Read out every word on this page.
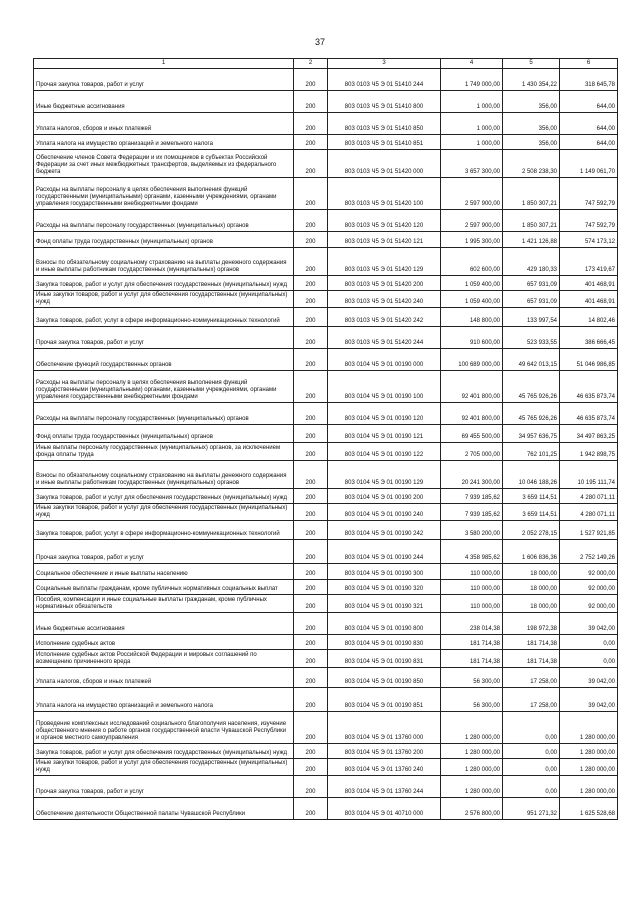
37
1	2	3	4	5	6
Прочая закупка товаров, работ и услуг	200	803 0103 Ч5 Э 01 51410 244	1 749 000,00	1 430 354,22	318 645,78
Иные бюджетные ассигнования	200	803 0103 Ч5 Э 01 51410 800	1 000,00	356,00	644,00
Уплата налогов, сборов и иных платежей	200	803 0103 Ч5 Э 01 51410 850	1 000,00	356,00	644,00
Уплата налога на имущество организаций и земельного налога	200	803 0103 Ч5 Э 01 51410 851	1 000,00	356,00	644,00
Обеспечение членов Совета Федерации и их помощников в субъектах Российской Федерации за счет иных межбюджетных трансфертов, выделяемых из федерального бюджета	200	803 0103 Ч5 Э 01 51420 000	3 657 300,00	2 508 238,30	1 149 061,70
Расходы на выплаты персоналу в целях обеспечения выполнения функций государственными (муниципальными) органами, казенными учреждениями, органами управления государственными внебюджетными фондами	200	803 0103 Ч5 Э 01 51420 100	2 597 900,00	1 850 307,21	747 592,79
Расходы на выплаты персоналу государственных (муниципальных) органов	200	803 0103 Ч5 Э 01 51420 120	2 597 900,00	1 850 307,21	747 592,79
Фонд оплаты труда государственных (муниципальных) органов	200	803 0103 Ч5 Э 01 51420 121	1 995 300,00	1 421 126,88	574 173,12
Взносы по обязательному социальному страхованию на выплаты денежного содержания и иные выплаты работникам государственных (муниципальных) органов	200	803 0103 Ч5 Э 01 51420 129	602 600,00	429 180,33	173 419,67
Закупка товаров, работ и услуг для обеспечения государственных (муниципальных) нужд	200	803 0103 Ч5 Э 01 51420 200	1 059 400,00	657 931,09	401 468,91
Иные закупки товаров, работ и услуг для обеспечения государственных (муниципальных) нужд	200	803 0103 Ч5 Э 01 51420 240	1 059 400,00	657 931,09	401 468,91
Закупка товаров, работ, услуг в сфере информационно-коммуникационных технологий	200	803 0103 Ч5 Э 01 51420 242	148 800,00	133 997,54	14 802,46
Прочая закупка товаров, работ и услуг	200	803 0103 Ч5 Э 01 51420 244	910 600,00	523 933,55	386 666,45
Обеспечение функций государственных органов	200	803 0104 Ч5 Э 01 00190 000	100 689 000,00	49 642 013,15	51 046 986,85
Расходы на выплаты персоналу в целях обеспечения выполнения функций государственными (муниципальными) органами, казенными учреждениями, органами управления государственными внебюджетными фондами	200	803 0104 Ч5 Э 01 00190 100	92 401 800,00	45 765 926,26	46 635 873,74
Расходы на выплаты персоналу государственных (муниципальных) органов	200	803 0104 Ч5 Э 01 00190 120	92 401 800,00	45 765 926,26	46 635 873,74
Фонд оплаты труда государственных (муниципальных) органов	200	803 0104 Ч5 Э 01 00190 121	69 455 500,00	34 957 636,75	34 497 863,25
Иные выплаты персоналу государственных (муниципальных) органов, за исключением фонда оплаты труда	200	803 0104 Ч5 Э 01 00190 122	2 705 000,00	762 101,25	1 942 898,75
Взносы по обязательному социальному страхованию на выплаты денежного содержания и иные выплаты работникам государственных (муниципальных) органов	200	803 0104 Ч5 Э 01 00190 129	20 241 300,00	10 046 188,26	10 195 111,74
Закупка товаров, работ и услуг для обеспечения государственных (муниципальных) нужд	200	803 0104 Ч5 Э 01 00190 200	7 939 185,62	3 659 114,51	4 280 071,11
Иные закупки товаров, работ и услуг для обеспечения государственных (муниципальных) нужд	200	803 0104 Ч5 Э 01 00190 240	7 939 185,62	3 659 114,51	4 280 071,11
Закупка товаров, работ, услуг в сфере информационно-коммуникационных технологий	200	803 0104 Ч5 Э 01 00190 242	3 580 200,00	2 052 278,15	1 527 921,85
Прочая закупка товаров, работ и услуг	200	803 0104 Ч5 Э 01 00190 244	4 358 985,62	1 606 836,36	2 752 149,26
Социальное обеспечение и иные выплаты населению	200	803 0104 Ч5 Э 01 00190 300	110 000,00	18 000,00	92 000,00
Социальные выплаты гражданам, кроме публичных нормативных социальных выплат	200	803 0104 Ч5 Э 01 00190 320	110 000,00	18 000,00	92 000,00
Пособия, компенсации и иные социальные выплаты гражданам, кроме публичных нормативных обязательств	200	803 0104 Ч5 Э 01 00190 321	110 000,00	18 000,00	92 000,00
Иные бюджетные ассигнования	200	803 0104 Ч5 Э 01 00190 800	238 014,38	198 972,38	39 042,00
Исполнение судебных актов	200	803 0104 Ч5 Э 01 00190 830	181 714,38	181 714,38	0,00
Исполнение судебных актов Российской Федерации и мировых соглашений по возмещению причиненного вреда	200	803 0104 Ч5 Э 01 00190 831	181 714,38	181 714,38	0,00
Уплата налогов, сборов и иных платежей	200	803 0104 Ч5 Э 01 00190 850	56 300,00	17 258,00	39 042,00
Уплата налога на имущество организаций и земельного налога	200	803 0104 Ч5 Э 01 00190 851	56 300,00	17 258,00	39 042,00
Проведение комплексных исследований социального благополучия населения, изучение общественного мнения о работе органов государственной власти Чувашской Республики и органов местного самоуправления	200	803 0104 Ч5 Э 01 13760 000	1 280 000,00	0,00	1 280 000,00
Закупка товаров, работ и услуг для обеспечения государственных (муниципальных) нужд	200	803 0104 Ч5 Э 01 13760 200	1 280 000,00	0,00	1 280 000,00
Иные закупки товаров, работ и услуг для обеспечения государственных (муниципальных) нужд	200	803 0104 Ч5 Э 01 13760 240	1 280 000,00	0,00	1 280 000,00
Прочая закупка товаров, работ и услуг	200	803 0104 Ч5 Э 01 13760 244	1 280 000,00	0,00	1 280 000,00
Обеспечение деятельности Общественной палаты Чувашской Республики	200	803 0104 Ч5 Э 01 40710 000	2 576 800,00	951 271,32	1 625 528,68
